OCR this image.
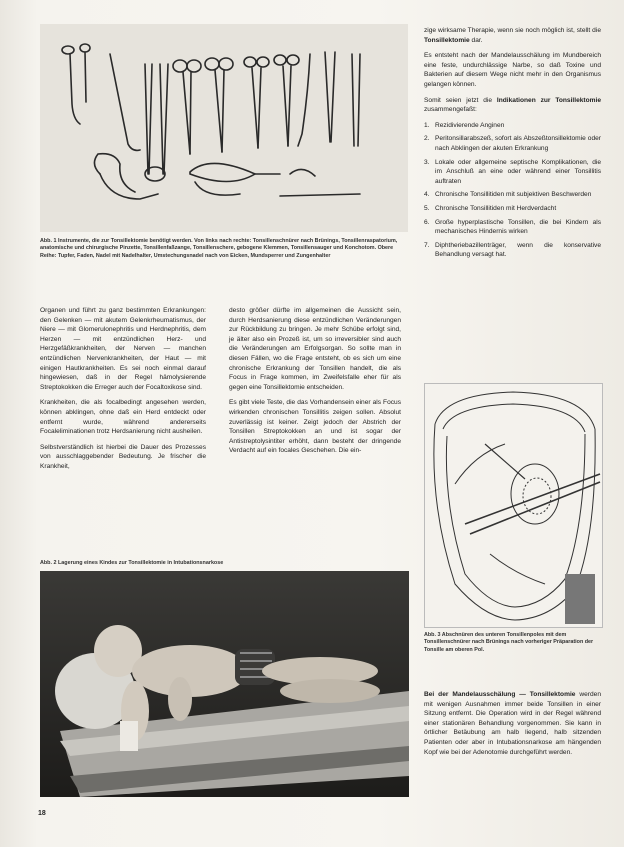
Abb. 1 Instrumente, die zur Tonsillektomie benötigt werden. Von links nach rechte: Tonsillenschnürer nach Brünings, Tonsillenraspatorium, anatomische und chirurgische Pinzette, Tonsillenfaßzange, Tonsillenschere, gebogene Klemmen, Tonsillensauger und Konchotom. Obere Reihe: Tupfer, Faden, Nadel mit Nadelhalter, Umstechungsnadel nach von Eicken, Mundsperrer und Zungenhalter

Organen und führt zu ganz bestimmten Erkrankungen: den Gelenken — mit akutem Gelenkrheumatismus, der Niere — mit Glomerulonephritis und Herdnephritis, dem Herzen — mit entzündlichen Herz- und Herzgefäßkrankheiten, der Nerven — manchen entzündlichen Nervenkrankheiten, der Haut — mit einigen Hautkrankheiten. Es sei noch einmal darauf hingewiesen, daß in der Regel hämolysierende Streptokokken die Erreger auch der Focaltoxikose sind.

Krankheiten, die als focalbedingt angesehen werden, können abklingen, ohne daß ein Herd entdeckt oder entfernt wurde, während andererseits Focaleliminationen trotz Herdsanierung nicht ausheilen.

Selbstverständlich ist hierbei die Dauer des Prozesses von ausschlaggebender Bedeutung. Je frischer die Krankheit,

desto größer dürfte im allgemeinen die Aussicht sein, durch Herdsanierung diese entzündlichen Veränderungen zur Rückbildung zu bringen. Je mehr Schübe erfolgt sind, je älter also ein Prozeß ist, um so irreversibler sind auch die Veränderungen am Erfolgsorgan. So sollte man in diesen Fällen, wo die Frage entsteht, ob es sich um eine chronische Erkrankung der Tonsillen handelt, die als Focus in Frage kommen, im Zweifelsfalle eher für als gegen eine Tonsillektomie entscheiden.

Es gibt viele Teste, die das Vorhandensein einer als Focus wirkenden chronischen Tonsillitis zeigen sollen. Absolut zuverlässig ist keiner. Zeigt jedoch der Abstrich der Tonsillen Streptokokken an und ist sogar der Antistreptolysintiter erhöht, dann besteht der dringende Verdacht auf ein focales Geschehen. Die ein-

Abb. 2 Lagerung eines Kindes zur Tonsillektomie in Intubationsnarkose

zige wirksame Therapie, wenn sie noch möglich ist, stellt die Tonsillektomie dar.

Es entsteht nach der Mandelausschälung im Mundbereich eine feste, undurchlässige Narbe, so daß Toxine und Bakterien auf diesem Wege nicht mehr in den Organismus gelangen können.

Somit seien jetzt die Indikationen zur Tonsillektomie zusammengefaßt:

1. Rezidivierende Anginen
2. Peritonsillarabszeß, sofort als Abszeßtonsillektomie oder nach Abklingen der akuten Erkrankung
3. Lokale oder allgemeine septische Komplikationen, die im Anschluß an eine oder während einer Tonsillitis auftraten
4. Chronische Tonsillitiden mit subjektiven Beschwerden
5. Chronische Tonsillitiden mit Herdverdacht
6. Große hyperplastische Tonsillen, die bei Kindern als mechanisches Hindernis wirken
7. Diphtheriebazillenträger, wenn die konservative Behandlung versagt hat.
Abb. 3 Abschnüren des unteren Tonsillenpoles mit dem Tonsillenschnürer nach Brünings nach vorheriger Präparation der Tonsille am oberen Pol.

Bei der Mandelausschälung — Tonsillektomie werden mit wenigen Ausnahmen immer beide Tonsillen in einer Sitzung entfernt. Die Operation wird in der Regel während einer stationären Behandlung vorgenommen. Sie kann in örtlicher Betäubung am halb liegend, halb sitzenden Patienten oder aber in Intubationsnarkose am hängenden Kopf wie bei der Adenotomie durchgeführt werden.

18
